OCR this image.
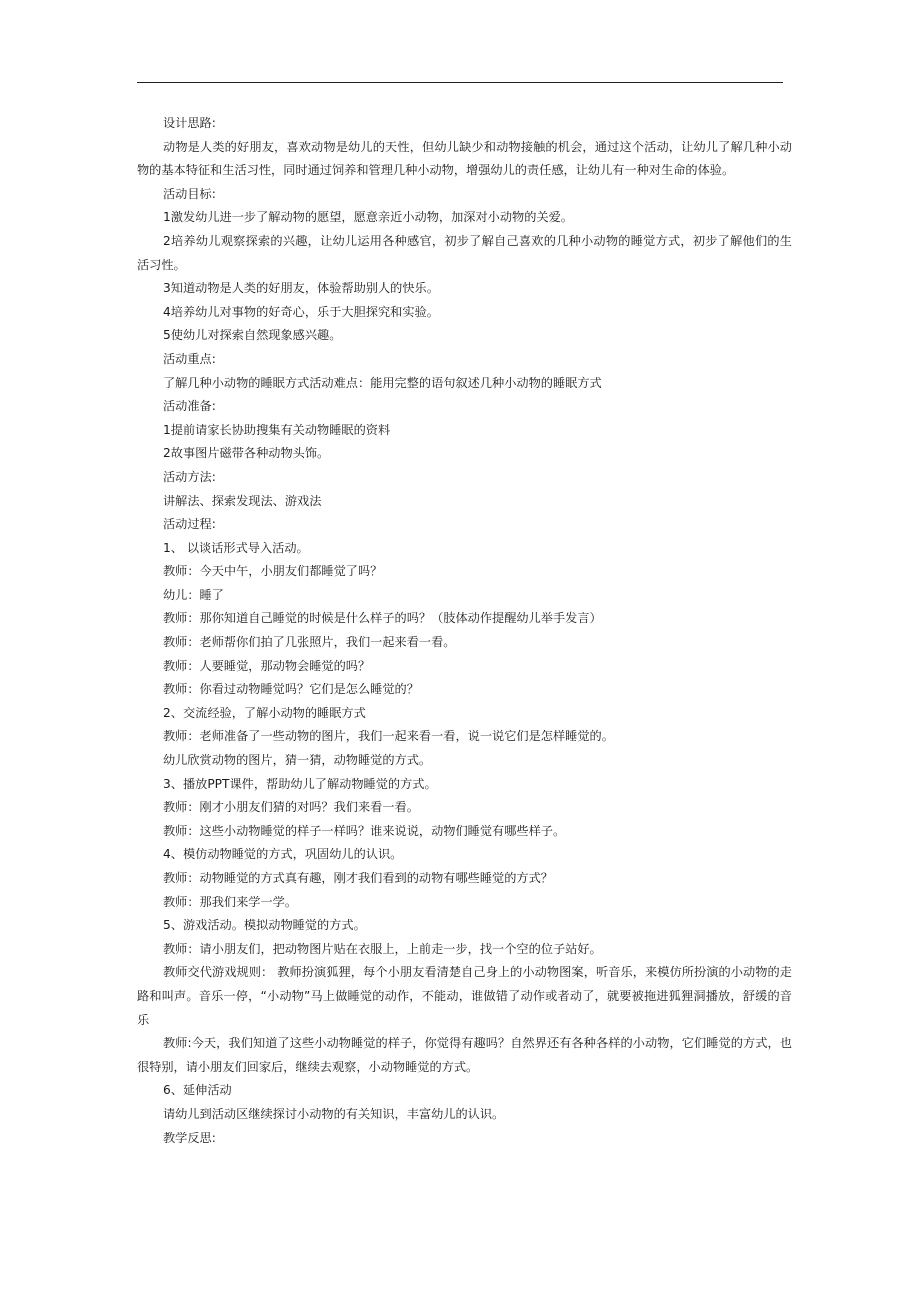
设计思路:

动物是人类的好朋友，喜欢动物是幼儿的天性，但幼儿缺少和动物接触的机会，通过这个活动，让幼儿了解几种小动物的基本特征和生活习性，同时通过饲养和管理几种小动物，增强幼儿的责任感，让幼儿有一种对生命的体验。

活动目标:

1激发幼儿进一步了解动物的愿望，愿意亲近小动物，加深对小动物的关爱。

2培养幼儿观察探索的兴趣，让幼儿运用各种感官，初步了解自己喜欢的几种小动物的睡觉方式，初步了解他们的生活习性。

3知道动物是人类的好朋友，体验帮助别人的快乐。

4培养幼儿对事物的好奇心，乐于大胆探究和实验。

5使幼儿对探索自然现象感兴趣。

活动重点:

了解几种小动物的睡眠方式活动难点：能用完整的语句叙述几种小动物的睡眠方式

活动准备:

1提前请家长协助搜集有关动物睡眠的资料

2故事图片磁带各种动物头饰。

活动方法:

讲解法、探索发现法、游戏法

活动过程:

1、 以谈话形式导入活动。

教师：今天中午，小朋友们都睡觉了吗？

幼儿：睡了

教师：那你知道自己睡觉的时候是什么样子的吗？（肢体动作提醒幼儿举手发言）

教师：老师帮你们拍了几张照片，我们一起来看一看。

教师：人要睡觉，那动物会睡觉的吗？

教师：你看过动物睡觉吗？它们是怎么睡觉的？

2、交流经验，了解小动物的睡眠方式

教师：老师准备了一些动物的图片，我们一起来看一看，说一说它们是怎样睡觉的。

幼儿欣赏动物的图片，猜一猜，动物睡觉的方式。

3、播放PPT课件，帮助幼儿了解动物睡觉的方式。

教师：刚才小朋友们猜的对吗？我们来看一看。

教师：这些小动物睡觉的样子一样吗？谁来说说，动物们睡觉有哪些样子。

4、模仿动物睡觉的方式，巩固幼儿的认识。

教师：动物睡觉的方式真有趣，刚才我们看到的动物有哪些睡觉的方式？

教师：那我们来学一学。

5、游戏活动。模拟动物睡觉的方式。

教师：请小朋友们，把动物图片贴在衣服上，上前走一步，找一个空的位子站好。

教师交代游戏规则： 教师扮演狐狸，每个小朋友看清楚自己身上的小动物图案，听音乐，来模仿所扮演的小动物的走路和叫声。音乐一停，“小动物”马上做睡觉的动作，不能动，谁做错了动作或者动了，就要被拖进狐狸洞播放，舒缓的音乐

教师:今天，我们知道了这些小动物睡觉的样子，你觉得有趣吗？自然界还有各种各样的小动物，它们睡觉的方式，也很特别，请小朋友们回家后，继续去观察，小动物睡觉的方式。

6、延伸活动

请幼儿到活动区继续探讨小动物的有关知识，丰富幼儿的认识。

教学反思:
